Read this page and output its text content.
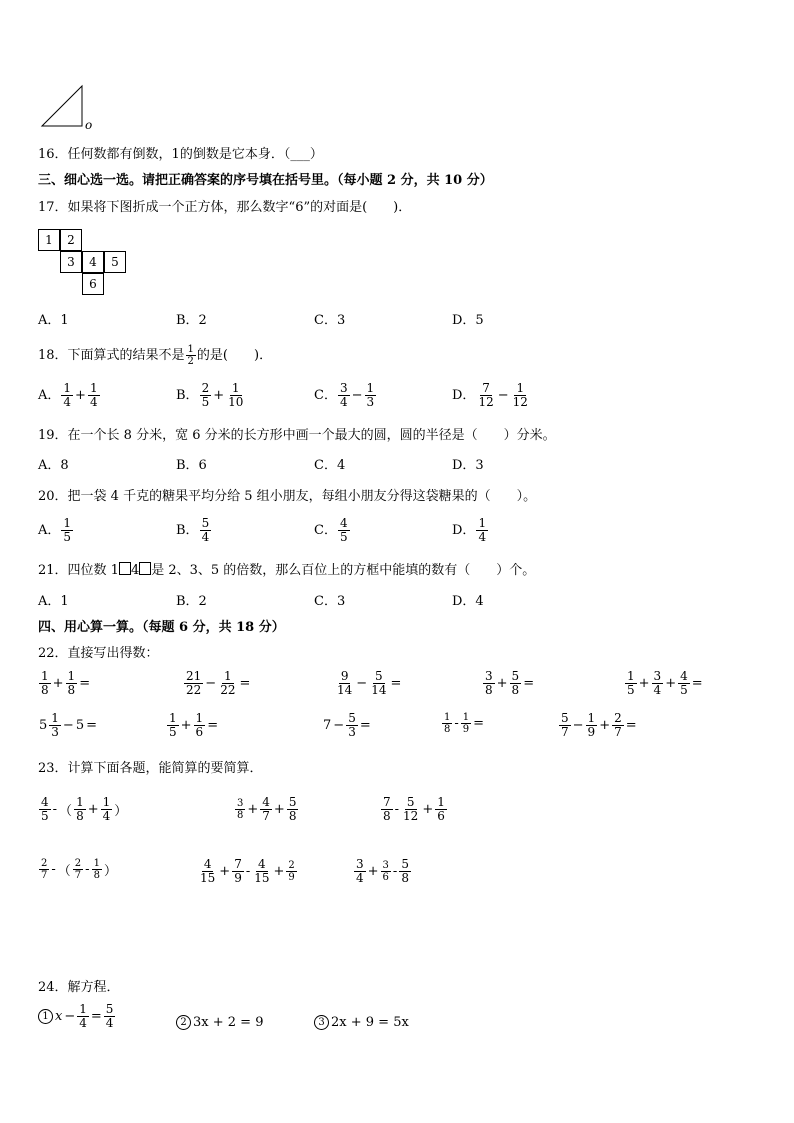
o
16．任何数都有倒数，1的倒数是它本身．（___）
三、细心选一选。请把正确答案的序号填在括号里。（每小题 2 分，共 10 分）
17．如果将下图折成一个正方体，那么数字“6”的对面是(　　)．
1	2
3	4	5
6
A．1	B．2	C．3	D．5
18．下面算式的结果不是 $\frac{1}{2}$ 的是(　　)．
A． $\frac{1}{4} + \frac{1}{4}$	B． $\frac{2}{5} + \frac{1}{10}$	C． $\frac{3}{4} - \frac{1}{3}$	D． $\frac{7}{12} - \frac{1}{12}$
19．在一个长 8 分米，宽 6 分米的长方形中画一个最大的圆，圆的半径是（　　）分米。
A．8	B．6	C．4	D．3
20．把一袋 4 千克的糖果平均分给 5 组小朋友，每组小朋友分得这袋糖果的（　　）。
A． $\frac{1}{5}$	B． $\frac{5}{4}$	C． $\frac{4}{5}$	D． $\frac{1}{4}$
21．四位数 1 4 是 2、3、5 的倍数，那么百位上的方框中能填的数有（　　）个。
A．1	B．2	C．3	D．4
四、用心算一算。（每题 6 分，共 18 分）
22．直接写出得数：
$\frac{1}{8} + \frac{1}{8}$ =	$\frac{21}{22} - \frac{1}{22}$ =	$\frac{9}{14} - \frac{5}{14}$ =	$\frac{3}{8} + \frac{5}{8}$ =	$\frac{1}{5} + \frac{3}{4} + \frac{4}{5}$ =
$5 \frac{1}{3} - 5$ =	$\frac{1}{5} + \frac{1}{6}$ =	$7 - \frac{5}{3}$ =	$\frac{1}{8} - \frac{1}{9}$ =	$\frac{5}{7} - \frac{1}{9} + \frac{2}{7}$ =
23．计算下面各题，能简算的要简算．
$\frac{4}{5}$ - （ $\frac{1}{8} + \frac{1}{4}$ ）	$\frac{3}{8} + \frac{4}{7} + \frac{5}{8}$	$\frac{7}{8} - \frac{5}{12} + \frac{1}{6}$
$\frac{2}{7}$ - （ $\frac{2}{7} - \frac{1}{8}$ ）	$\frac{4}{15} + \frac{7}{9} - \frac{4}{15} + \frac{2}{9}$	$\frac{3}{4} + \frac{3}{6} - \frac{5}{8}$
24．解方程．
1 $x - \frac{1}{4} = \frac{5}{4}$	2 3x + 2 = 9	3 2x + 9 = 5x
